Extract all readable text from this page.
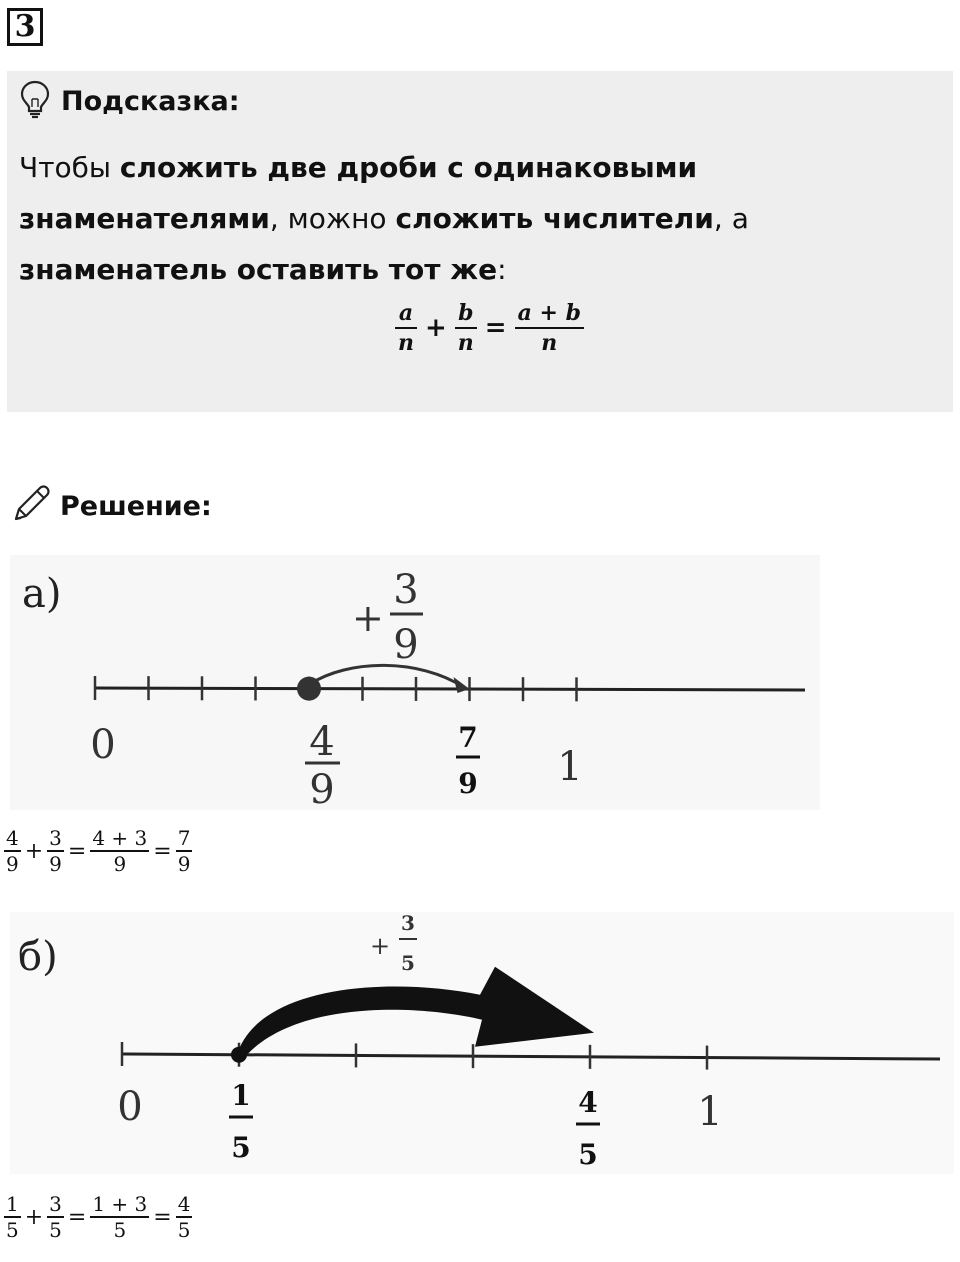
3
Подсказка:
Чтобы сложить две дроби с одинаковыми знаменателями, можно сложить числители, а знаменатель оставить тот же:
$\frac{a}{n} + \frac{b}{n} = \frac{a + b}{n}$
Решение:
а)
+
3
9
0	4
9
7
9 1
$\frac{4}{9} + \frac{3}{9} = \frac{4 + 3}{9} = \frac{7}{9}$
б)	+
3
5
0	1
5
4
5
1
$\frac{1}{5} + \frac{3}{5} = \frac{1 + 3}{5} = \frac{4}{5}$
